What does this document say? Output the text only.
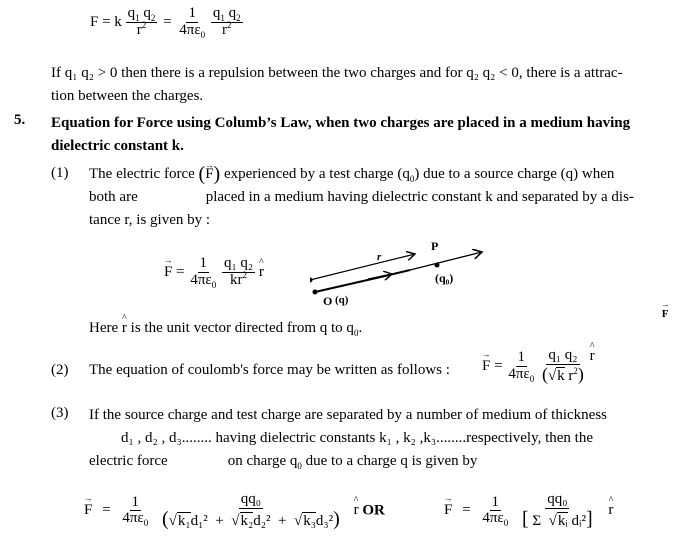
F = k $\frac{q_1 q_2}{r^2} = \frac{1}{4\pi\varepsilon_0}$
$\frac{q_1 q_2}{r^2}$
If q₁ q₂ > 0 then there is a repulsion between the two charges and for q₂ q₂ < 0, there is a attrac-
tion between the charges.
5. Equation for Force using Columb’s Law, when two charges are placed in a medium having
dielectric constant k.
(1) The electric force (→ F) experienced by a test charge $(q_0)$ due to a source charge (q) when
both are	placed in a medium having dielectric constant k and separated by a dis-
tance r, is given by :
→ $F = \frac{1}{4\pi\varepsilon_0}$
$\frac{\text{q₁ q₂}}{kr^2}$ ^ r

r
P
→ F
(q₀)
O (q)
Here ^ r is the unit vector directed from q to $q_0$.
(2) The equation of coulomb's force may be written as follows : → $F = \frac{1}{4\pi\varepsilon_0}$
$\frac{\text{q₁ q₂}}{(√k r^2)}$ ^ r
(3) If the source charge and test charge are separated by a number of medium of thickness
d₁ , d₂ , d₃........ having dielectric constants k₁ , k₂ ,k₃........respectively, then the
electric force	on charge $q_0$ due to a charge q is given by
→ $F = \frac{1}{4\pi\varepsilon_0}$
$\frac{\text{qq₀}}{\text{(√k₁d₁² +  √k₂d₂² +  √k₃d₃²)}}$ ^ r OR	→ $F = \frac{1}{4\pi\varepsilon_0}$
$\frac{\text{qq₀}}{\text{[ Σ  √kᵢ dᵢ²]}}$ ^ r
